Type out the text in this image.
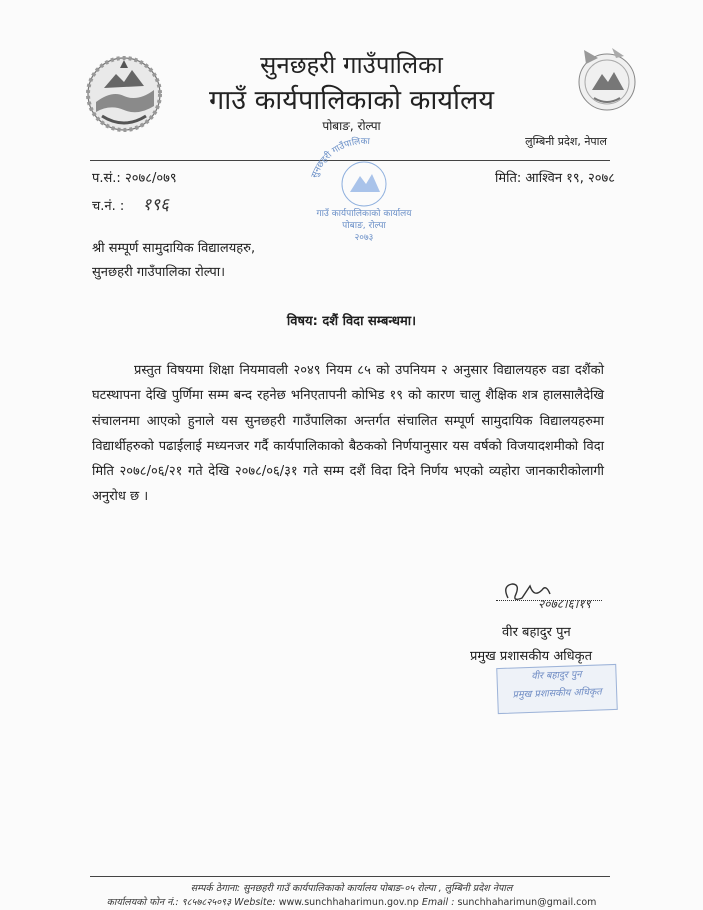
सुनछहरी गाउँपालिका
गाउँ कार्यपालिकाको कार्यालय
पोबाङ, रोल्पा
लुम्बिनी प्रदेश, नेपाल
प.सं.: २०७८/०७९
च.नं. : १९६
मिति: आश्विन १९, २०७८
सुनछहरी गाउँपालिका
गाउँ कार्यपालिकाको कार्यालय
पोबाङ, रोल्पा
२०७३
श्री सम्पूर्ण सामुदायिक विद्यालयहरु,
सुनछहरी गाउँपालिका रोल्पा।
विषय: दशैं विदा सम्बन्धमा।
प्रस्तुत विषयमा शिक्षा नियमावली २०४९ नियम ८५ को उपनियम २ अनुसार विद्यालयहरु वडा दशैंको घटस्थापना देखि पुर्णिमा सम्म बन्द रहनेछ भनिएतापनी कोभिड १९ को कारण चालु शैक्षिक शत्र हालसालैदेखि संचालनमा आएको हुनाले यस सुनछहरी गाउँपालिका अन्तर्गत संचालित सम्पूर्ण सामुदायिक विद्यालयहरुमा विद्यार्थीहरुको पढाईलाई मध्यनजर गर्दै कार्यपालिकाको बैठकको निर्णयानुसार यस वर्षको विजयादशमीको विदा मिति २०७८/०६/२१ गते देखि २०७८/०६/३१ गते सम्म दशैं विदा दिने निर्णय भएको व्यहोरा जानकारीकोलागी अनुरोध छ ।
२०७८।६।१९
वीर बहादुर पुन
प्रमुख प्रशासकीय अधिकृत
वीर बहादुर पुन
प्रमुख प्रशासकीय अधिकृत
सम्पर्क ठेगाना: सुनछहरी गाउँ कार्यपालिकाको कार्यालय पोबाङ-०५ रोल्पा , लुम्बिनी प्रदेश नेपाल
कार्यालयको फोन नं.: ९८५७८२५०९३ Website: www.sunchhaharimun.gov.np Email : sunchhaharimun@gmail.com
